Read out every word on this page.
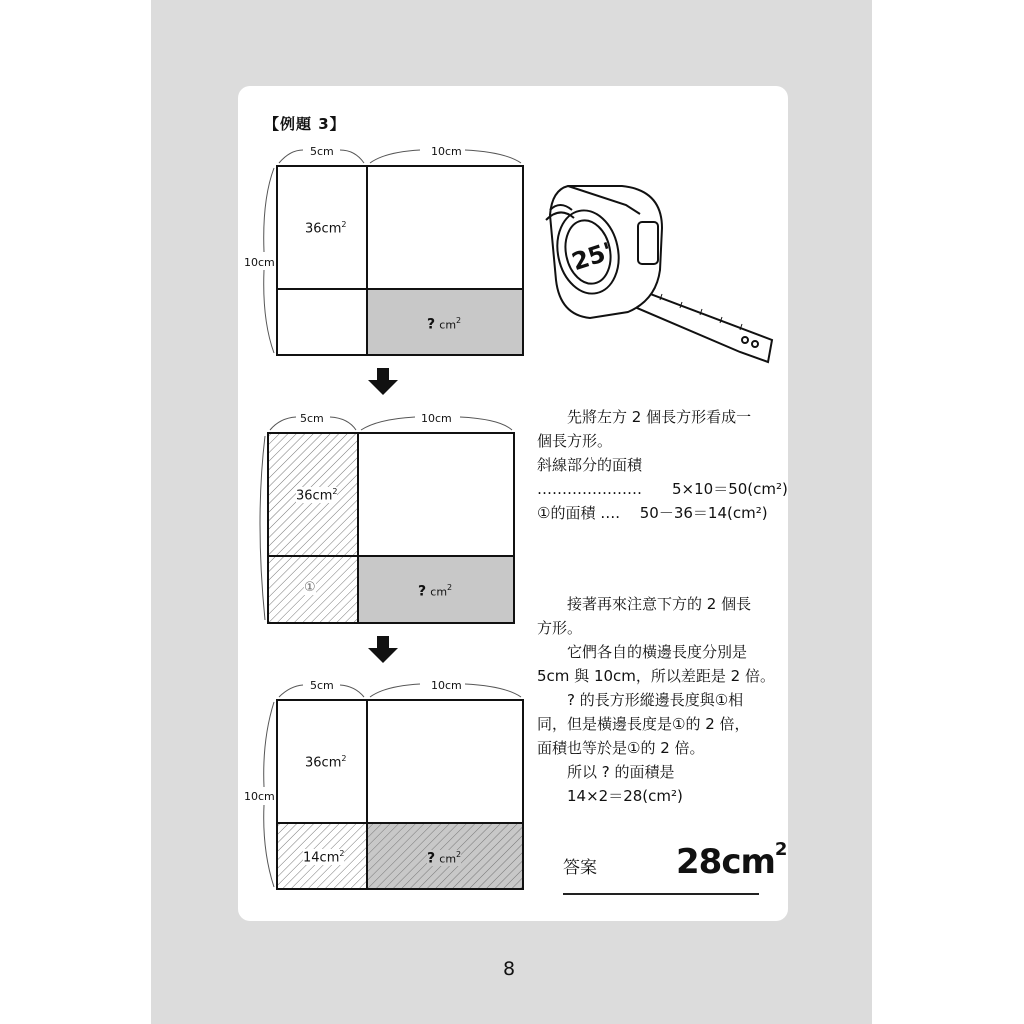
【例題 3】
25'
5cm	10cm
10cm
$36cm^2$
? $cm^2$
5cm	10cm
$36cm^2$
①	? $cm^2$
5cm	10cm
10cm
$36cm^2$
$14cm^2$	? $cm^2$
　　先將左方 2 個長方形看成一
個長方形。
斜線部分的面積
…………………　　5×10＝50(cm²)
①的面積 ….　 50－36＝14(cm²)
　　接著再來注意下方的 2 個長
方形。
　　它們各自的橫邊長度分別是
5cm 與 10cm，所以差距是 2 倍。
　　? 的長方形縱邊長度與①相
同，但是橫邊長度是①的 2 倍，
面積也等於是①的 2 倍。
　　所以 ? 的面積是
　　14×2＝28(cm²)
答案 $28cm^2$
8
